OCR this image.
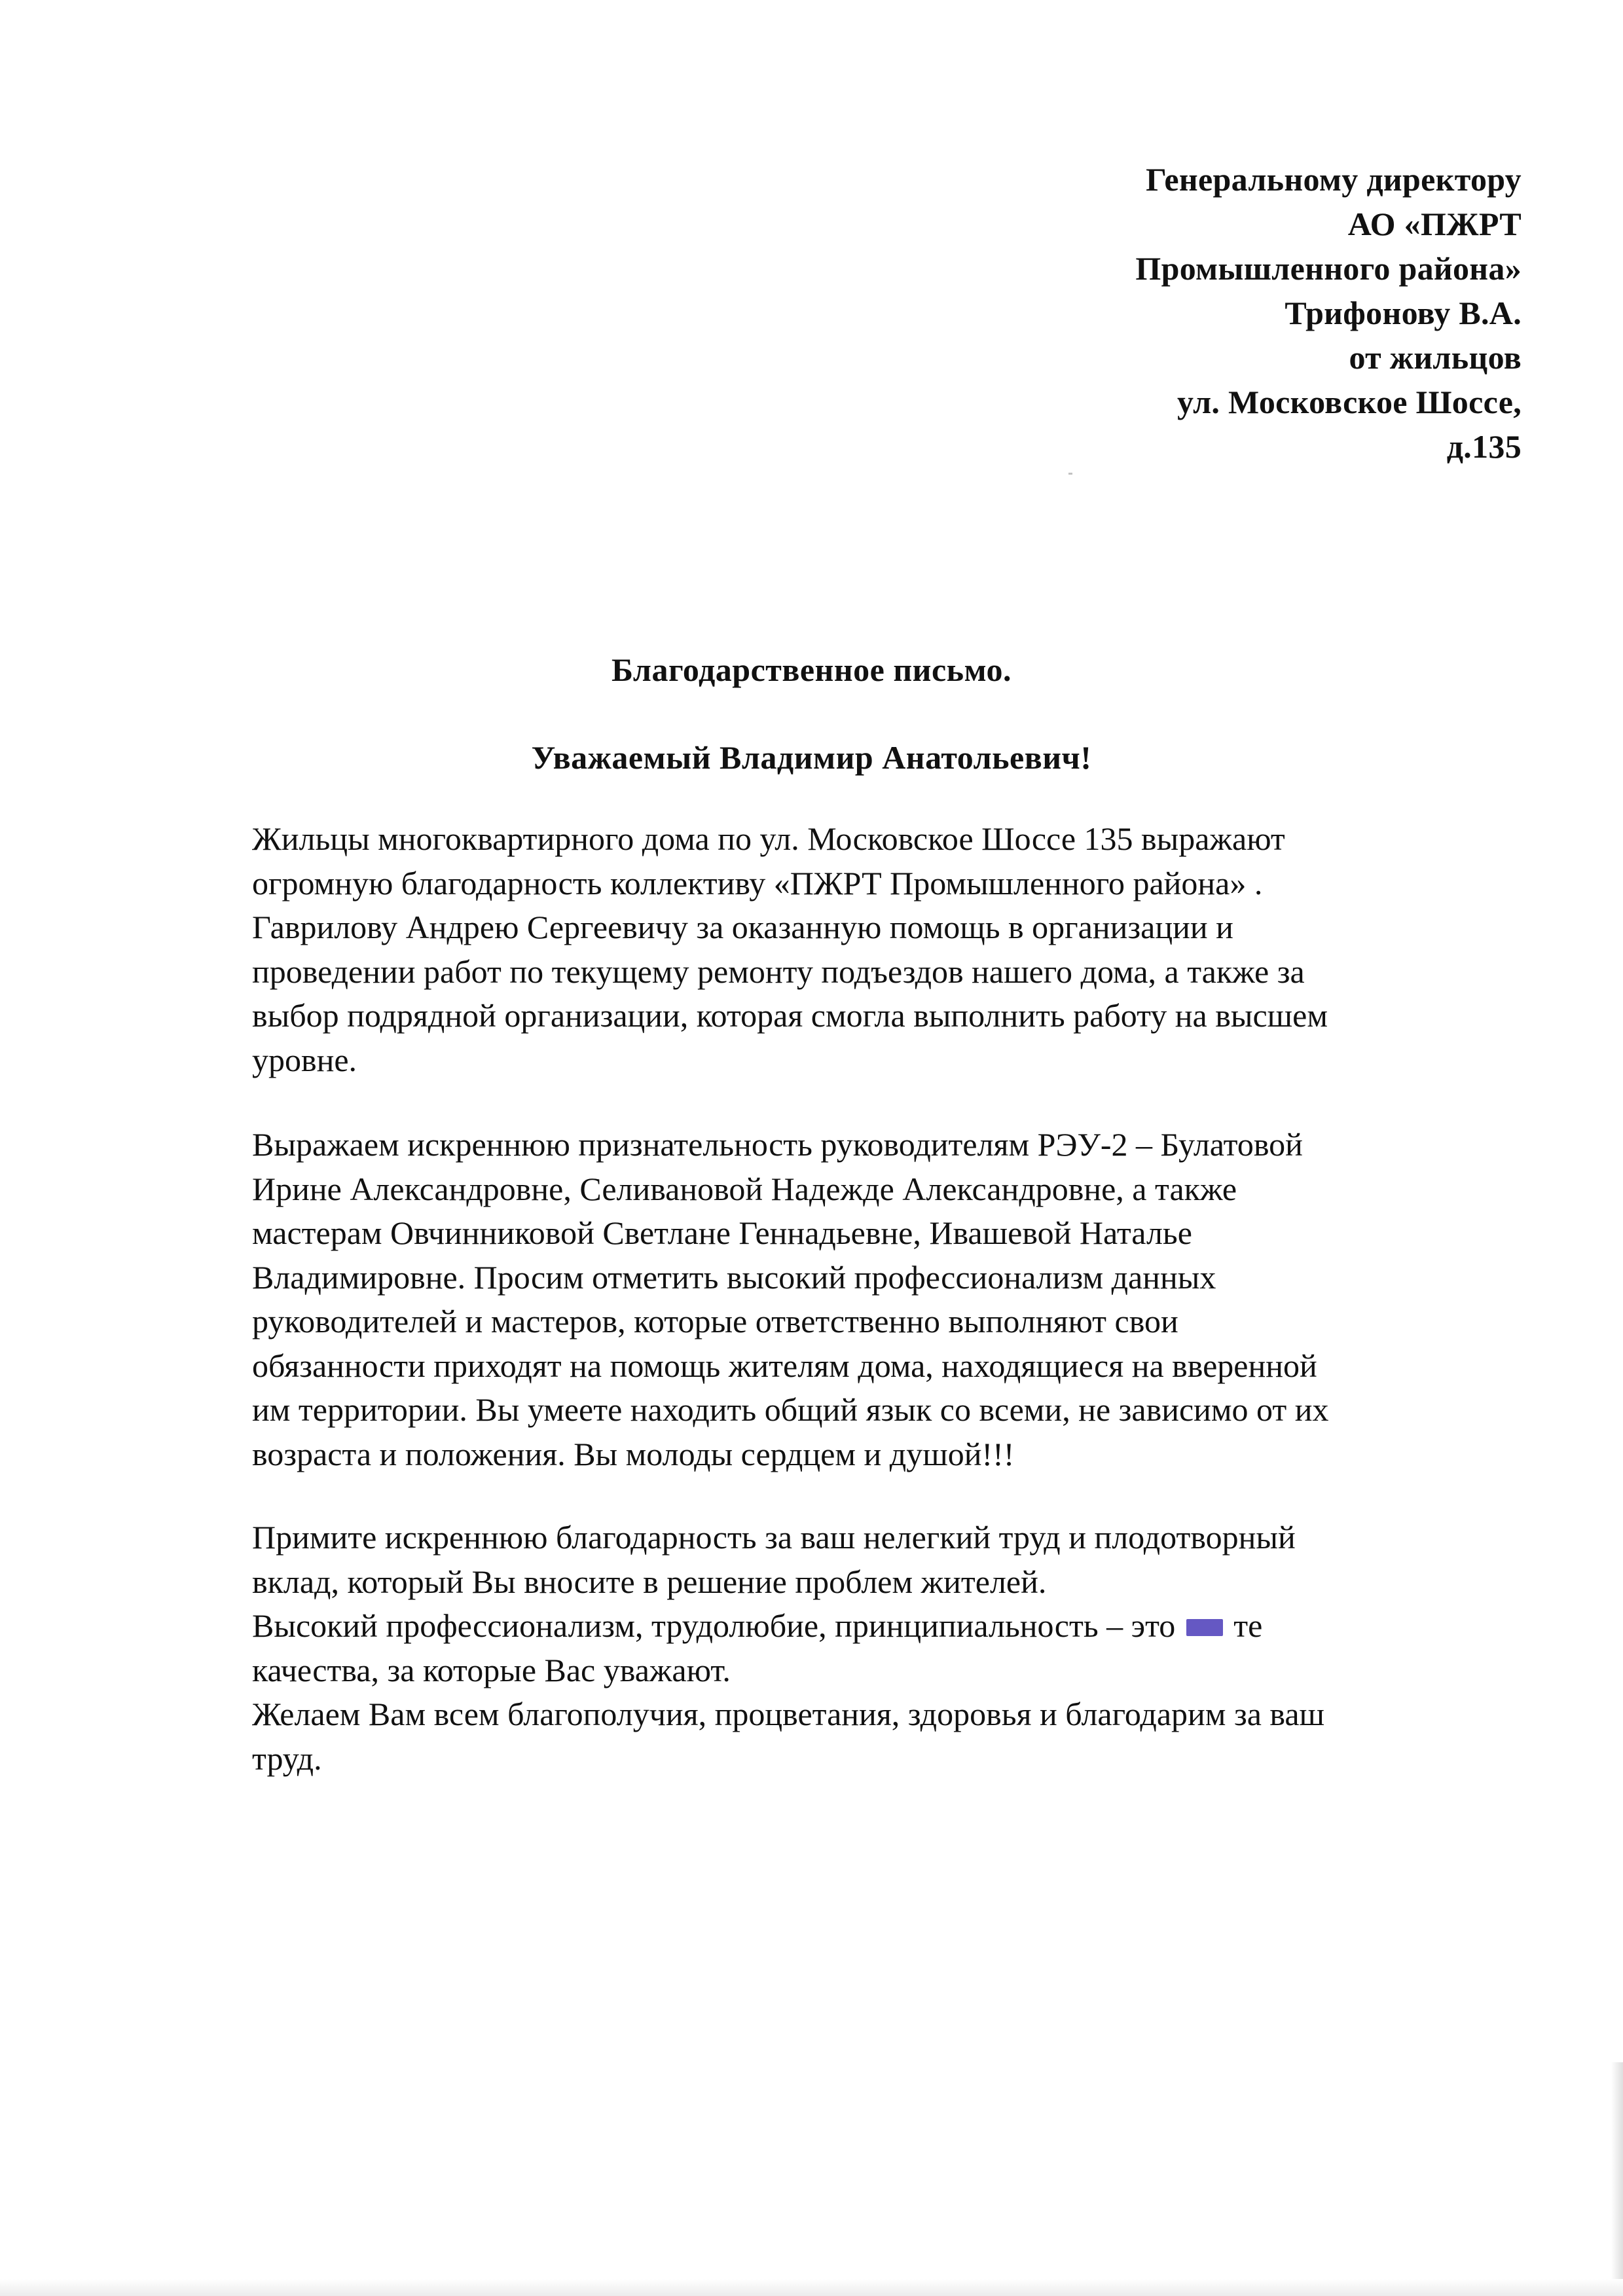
Генеральному директору
АО «ПЖРТ
Промышленного района»
Трифонову В.А.
от жильцов
ул. Московское Шоссе,
д.135
Благодарственное письмо.
Уважаемый Владимир Анатольевич!
Жильцы многоквартирного дома по ул. Московское Шоссе 135 выражают
огромную благодарность коллективу «ПЖРТ Промышленного района» .
Гаврилову Андрею Сергеевичу за оказанную помощь в организации и
проведении работ по текущему ремонту подъездов нашего дома, а также за
выбор подрядной организации, которая смогла выполнить работу на высшем
уровне.
Выражаем искреннюю признательность руководителям РЭУ-2 – Булатовой
Ирине Александровне, Селивановой Надежде Александровне, а также
мастерам Овчинниковой Светлане Геннадьевне, Ивашевой Наталье
Владимировне. Просим отметить высокий профессионализм данных
руководителей и мастеров, которые ответственно выполняют свои
обязанности приходят на помощь жителям дома, находящиеся на вверенной
им территории. Вы умеете находить общий язык со всеми, не зависимо от их
возраста и положения. Вы молоды сердцем и душой!!!
Примите искреннюю благодарность за ваш нелегкий труд и плодотворный
вклад, который Вы вносите в решение проблем жителей.
Высокий профессионализм, трудолюбие, принципиальность – это те
качества, за которые Вас уважают.
Желаем Вам всем благополучия, процветания, здоровья и благодарим за ваш
труд.
